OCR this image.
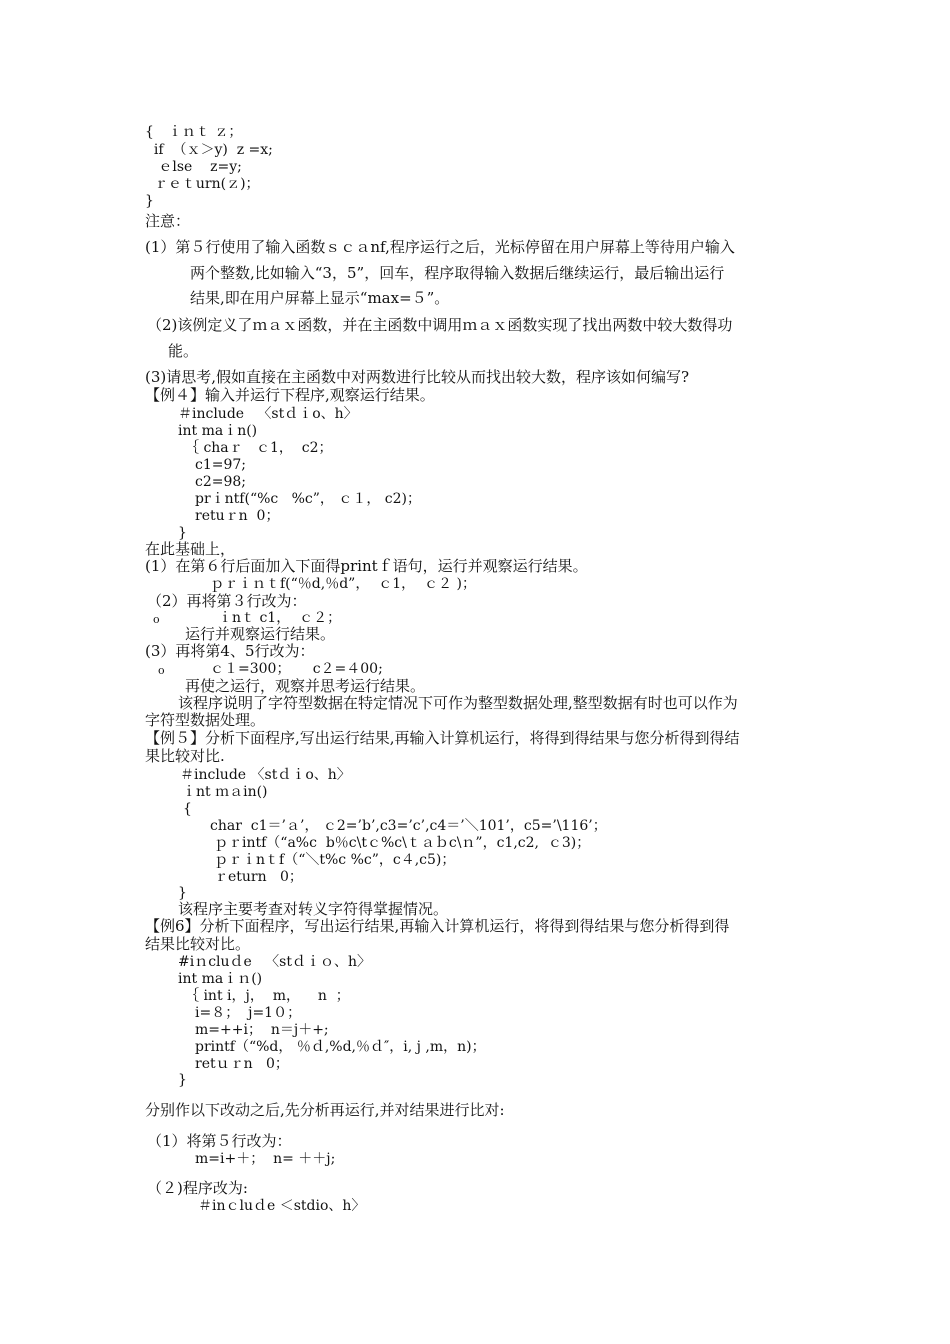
{　ｉｎｔ ｚ；
if  （ｘ＞y)  z =x;
ｅlse    z=y;
ｒｅｔurn(ｚ)；
}
注意：
(1）第５行使用了输入函数ｓｃａnf,程序运行之后，光标停留在用户屏幕上等待用户输入
两个整数,比如输入“3，5”，回车，程序取得输入数据后继续运行，最后输出运行
结果,即在用户屏幕上显示“max=５”。
（2)该例定义了ｍａｘ函数，并在主函数中调用ｍａｘ函数实现了找出两数中较大数得功
能。
(3)请思考,假如直接在主函数中对两数进行比较从而找出较大数，程序该如何编写?
【例４】输入并运行下程序,观察运行结果。
＃include   〈stｄｉo、h〉
int maｉn()
｛ chaｒ   ｃ1，  c2；
c1=97;
c2=98;
prｉntf(“%c   %c”， ｃ１， c2)；
retuｒn  0；
}
在此基础上，
(1）在第６行后面加入下面得printｆ语句，运行并观察运行结果。
ｐｒｉｎｔf(“％d,％d”，  ｃ1，  ｃ２ )；
（2）再将第３行改为：
o	ｉnｔ c1，  ｃ２；
运行并观察运行结果。
(3）再将第4、5行改为：
o	ｃ１=300；     c２=４00;
再使之运行，观察并思考运行结果。
该程序说明了字符型数据在特定情况下可作为整型数据处理,整型数据有时也可以作为
字符型数据处理。
【例５】分析下面程序,写出运行结果,再输入计算机运行，将得到得结果与您分析得到得结
果比较对比.
＃include 〈stｄｉo、h〉
ｉnt ｍａin()
{
char  c1＝’ａ’， ｃ2=’b’,c3=’c’,c4＝’＼101’，c5=’\116’；
ｐｒintf（“a%c  b％c\tｃ%c\ｔａｂc\ｎ”，c1,c2,  ｃ3)；
ｐｒｉnｔf（“＼t%c %c”，c４,c5)；
ｒeturn   0；
}
该程序主要考查对转义字符得掌握情况。
【例6】分析下面程序，写出运行结果,再输入计算机运行，将得到得结果与您分析得到得
结果比较对比。
#iｎcluｄe   〈stｄｉｏ、h〉
int maｉｎ()
｛ int i，j，  m，    n  ；
i=８；  j=1０；
m=++i；  n＝j＋+;
printf（“%d， ％ｄ,%d,％ｄ″，i, j ,m，n)；
retｕｒn   0；
}
分别作以下改动之后,先分析再运行,并对结果进行比对:
（1）将第５行改为：
m=i+＋；  n= ＋＋j;
（２)程序改为:
＃inｃluｄe ＜stdio、h〉
